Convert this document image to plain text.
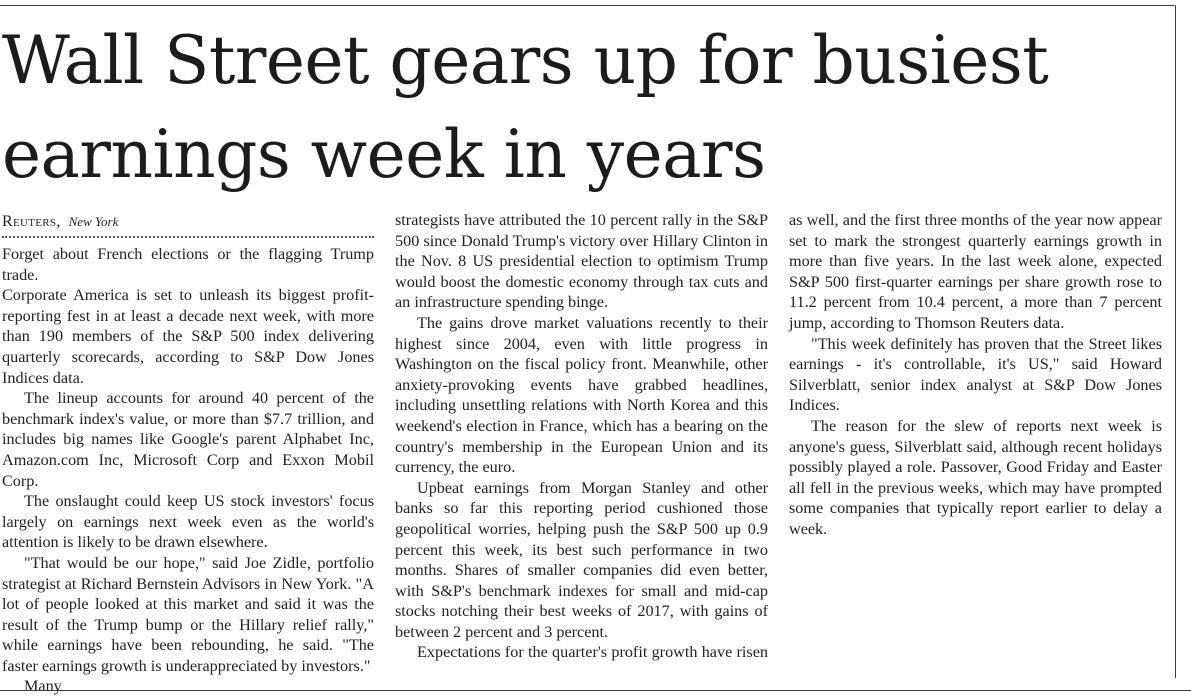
Wall Street gears up for busiest earnings week in years
Reuters, New York

Forget about French elections or the flagging Trump trade.

Corporate America is set to unleash its biggest profit-reporting fest in at least a decade next week, with more than 190 members of the S&P 500 index delivering quarterly scorecards, according to S&P Dow Jones Indices data.

The lineup accounts for around 40 percent of the benchmark index's value, or more than $7.7 trillion, and includes big names like Google's parent Alphabet Inc, Amazon.com Inc, Microsoft Corp and Exxon Mobil Corp.

The onslaught could keep US stock investors' focus largely on earnings next week even as the world's attention is likely to be drawn elsewhere.

"That would be our hope," said Joe Zidle, portfolio strategist at Richard Bernstein Advisors in New York. "A lot of people looked at this market and said it was the result of the Trump bump or the Hillary relief rally," while earnings have been rebounding, he said. "The faster earnings growth is underappreciated by investors."

Many

strategists have attributed the 10 percent rally in the S&P 500 since Donald Trump's victory over Hillary Clinton in the Nov. 8 US presidential election to optimism Trump would boost the domestic economy through tax cuts and an infrastructure spending binge.

The gains drove market valuations recently to their highest since 2004, even with little progress in Washington on the fiscal policy front. Meanwhile, other anxiety-provoking events have grabbed headlines, including unsettling relations with North Korea and this weekend's election in France, which has a bearing on the country's membership in the European Union and its currency, the euro.

Upbeat earnings from Morgan Stanley and other banks so far this reporting period cushioned those geopolitical worries, helping push the S&P 500 up 0.9 percent this week, its best such performance in two months. Shares of smaller companies did even better, with S&P's benchmark indexes for small and mid-cap stocks notching their best weeks of 2017, with gains of between 2 percent and 3 percent.

Expectations for the quarter's profit growth have risen

as well, and the first three months of the year now appear set to mark the strongest quarterly earnings growth in more than five years. In the last week alone, expected S&P 500 first-quarter earnings per share growth rose to 11.2 percent from 10.4 percent, a more than 7 percent jump, according to Thomson Reuters data.

"This week definitely has proven that the Street likes earnings - it's controllable, it's US," said Howard Silverblatt, senior index analyst at S&P Dow Jones Indices.

The reason for the slew of reports next week is anyone's guess, Silverblatt said, although recent holidays possibly played a role. Passover, Good Friday and Easter all fell in the previous weeks, which may have prompted some companies that typically report earlier to delay a week.
